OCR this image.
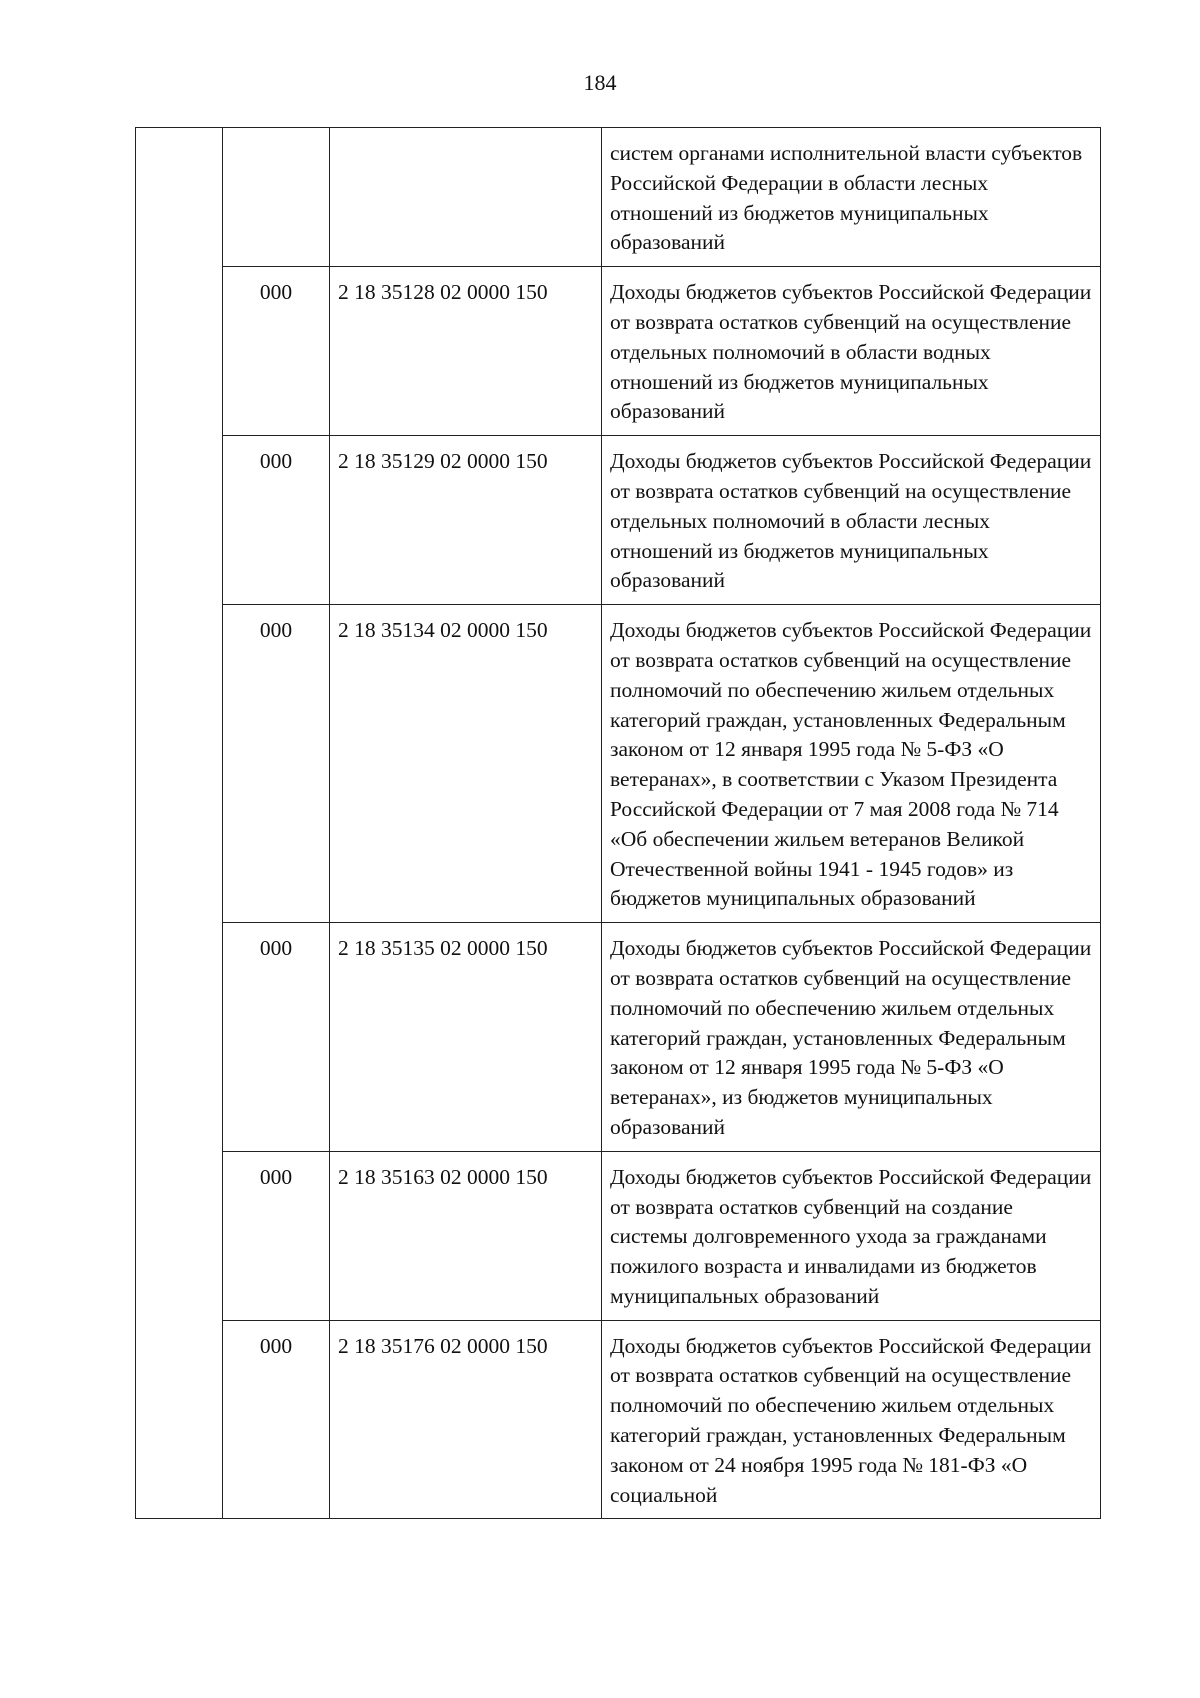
184
			систем органами исполнительной власти субъектов Российской Федерации в области лесных отношений из бюджетов муниципальных образований
	000	2 18 35128 02 0000 150	Доходы бюджетов субъектов Российской Федерации от возврата остатков субвенций на осуществление отдельных полномочий в области водных отношений из бюджетов муниципальных образований
	000	2 18 35129 02 0000 150	Доходы бюджетов субъектов Российской Федерации от возврата остатков субвенций на осуществление отдельных полномочий в области лесных отношений из бюджетов муниципальных образований
	000	2 18 35134 02 0000 150	Доходы бюджетов субъектов Российской Федерации от возврата остатков субвенций на осуществление полномочий по обеспечению жильем отдельных категорий граждан, установленных Федеральным законом от 12 января 1995 года № 5-ФЗ «О ветеранах», в соответствии с Указом Президента Российской Федерации от 7 мая 2008 года № 714 «Об обеспечении жильем ветеранов Великой Отечественной войны 1941 - 1945 годов» из бюджетов муниципальных образований
	000	2 18 35135 02 0000 150	Доходы бюджетов субъектов Российской Федерации от возврата остатков субвенций на осуществление полномочий по обеспечению жильем отдельных категорий граждан, установленных Федеральным законом от 12 января 1995 года № 5-ФЗ «О ветеранах», из бюджетов муниципальных образований
	000	2 18 35163 02 0000 150	Доходы бюджетов субъектов Российской Федерации от возврата остатков субвенций на создание системы долговременного ухода за гражданами пожилого возраста и инвалидами из бюджетов муниципальных образований
	000	2 18 35176 02 0000 150	Доходы бюджетов субъектов Российской Федерации от возврата остатков субвенций на осуществление полномочий по обеспечению жильем отдельных категорий граждан, установленных Федеральным законом от 24 ноября 1995 года № 181-ФЗ «О социальной
